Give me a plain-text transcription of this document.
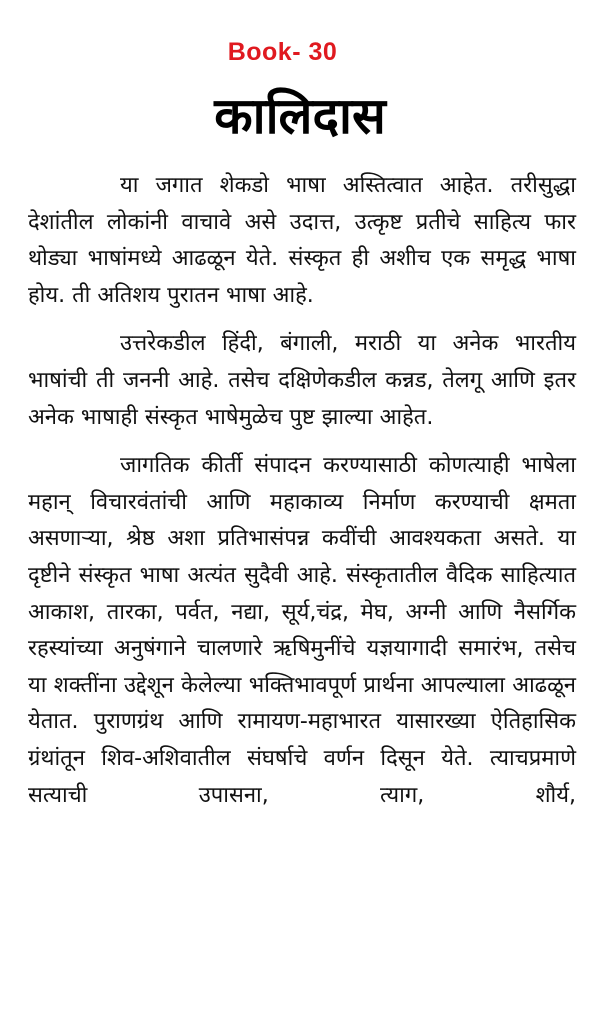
Book- 30
कालिदास

या जगात शेकडो भाषा अस्तित्वात आहेत. तरीसुद्धा देशांतील लोकांनी वाचावे असे उदात्त, उत्कृष्ट प्रतीचे साहित्य फार थोड्या भाषांमध्ये आढळून येते. संस्कृत ही अशीच एक समृद्ध भाषा होय. ती अतिशय पुरातन भाषा आहे.

उत्तरेकडील हिंदी, बंगाली, मराठी या अनेक भारतीय भाषांची ती जननी आहे. तसेच दक्षिणेकडील कन्नड, तेलगू आणि इतर अनेक भाषाही संस्कृत भाषेमुळेच पुष्ट झाल्या आहेत.

जागतिक कीर्ती संपादन करण्यासाठी कोणत्याही भाषेला महान् विचारवंतांची आणि महाकाव्य निर्माण करण्याची क्षमता असणाऱ्या, श्रेष्ठ अशा प्रतिभासंपन्न कवींची आवश्यकता असते. या दृष्टीने संस्कृत भाषा अत्यंत सुदैवी आहे. संस्कृतातील वैदिक साहित्यात आकाश, तारका, पर्वत, नद्या, सूर्य,चंद्र, मेघ, अग्नी आणि नैसर्गिक रहस्यांच्या अनुषंगाने चालणारे ऋषिमुनींचे यज्ञयागादी समारंभ, तसेच या शक्तींना उद्देशून केलेल्या भक्तिभावपूर्ण प्रार्थना आपल्याला आढळून येतात. पुराणग्रंथ आणि रामायण-महाभारत यासारख्या ऐतिहासिक ग्रंथांतून शिव-अशिवातील संघर्षाचे वर्णन दिसून येते. त्याचप्रमाणे सत्याची उपासना, त्याग, शौर्य,
